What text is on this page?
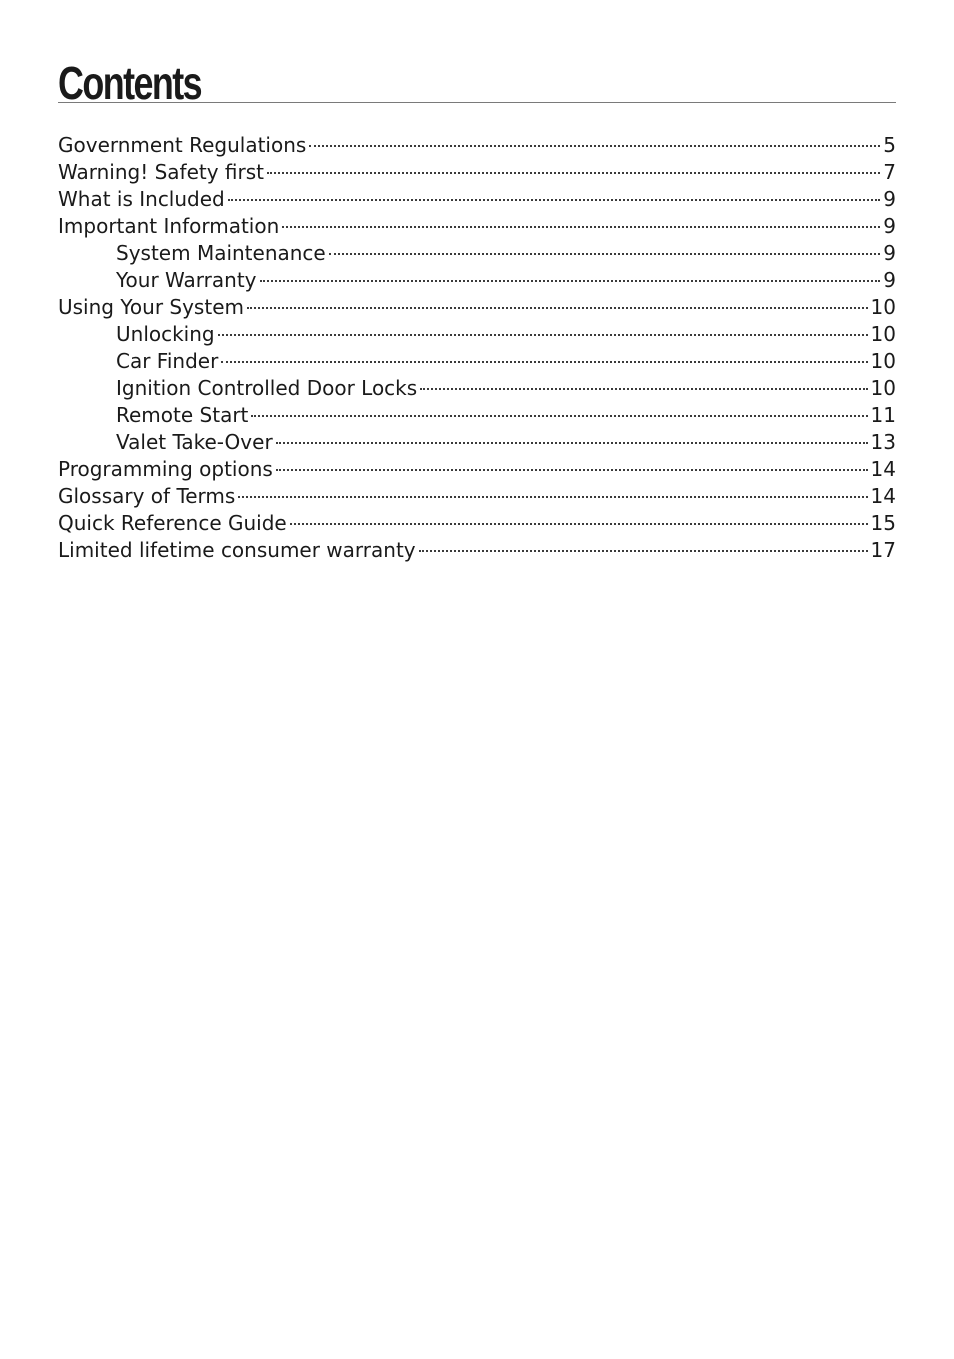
Contents
Government Regulations	5
Warning! Safety first	7
What is Included	9
Important Information	9
System Maintenance	9
Your Warranty	9
Using Your System	10
Unlocking	10
Car Finder	10
Ignition Controlled Door Locks	10
Remote Start	11
Valet Take-Over	13
Programming options	14
Glossary of Terms	14
Quick Reference Guide	15
Limited lifetime consumer warranty	17
